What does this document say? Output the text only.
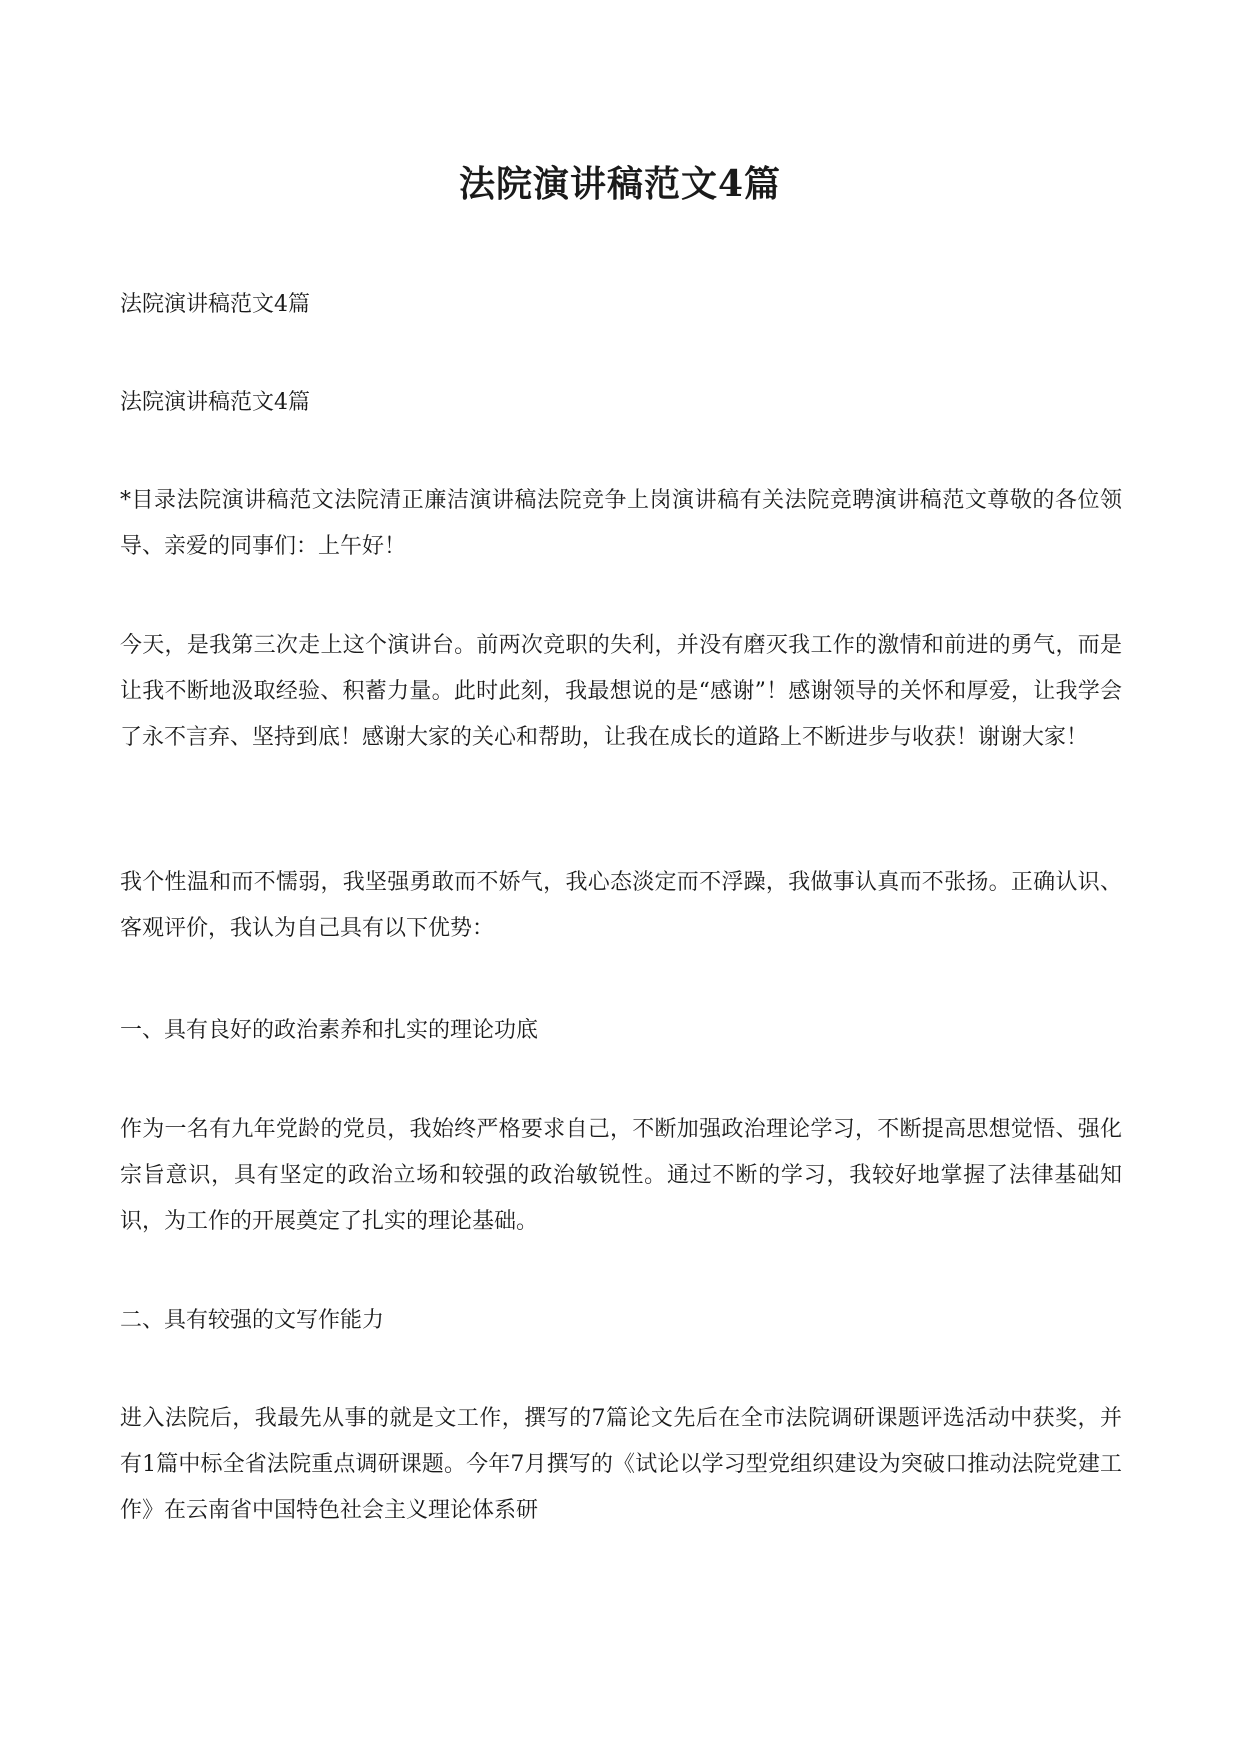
法院演讲稿范文4篇

法院演讲稿范文4篇

法院演讲稿范文4篇

*目录法院演讲稿范文法院清正廉洁演讲稿法院竞争上岗演讲稿有关法院竞聘演讲稿范文尊敬的各位领导、亲爱的同事们：上午好！

今天，是我第三次走上这个演讲台。前两次竞职的失利，并没有磨灭我工作的激情和前进的勇气，而是让我不断地汲取经验、积蓄力量。此时此刻，我最想说的是“感谢”！感谢领导的关怀和厚爱，让我学会了永不言弃、坚持到底！感谢大家的关心和帮助，让我在成长的道路上不断进步与收获！谢谢大家！

我个性温和而不懦弱，我坚强勇敢而不娇气，我心态淡定而不浮躁，我做事认真而不张扬。正确认识、客观评价，我认为自己具有以下优势：

一、具有良好的政治素养和扎实的理论功底

作为一名有九年党龄的党员，我始终严格要求自己，不断加强政治理论学习，不断提高思想觉悟、强化宗旨意识，具有坚定的政治立场和较强的政治敏锐性。通过不断的学习，我较好地掌握了法律基础知识，为工作的开展奠定了扎实的理论基础。

二、具有较强的文写作能力

进入法院后，我最先从事的就是文工作，撰写的7篇论文先后在全市法院调研课题评选活动中获奖，并有1篇中标全省法院重点调研课题。今年7月撰写的《试论以学习型党组织建设为突破口推动法院党建工作》在云南省中国特色社会主义理论体系研
